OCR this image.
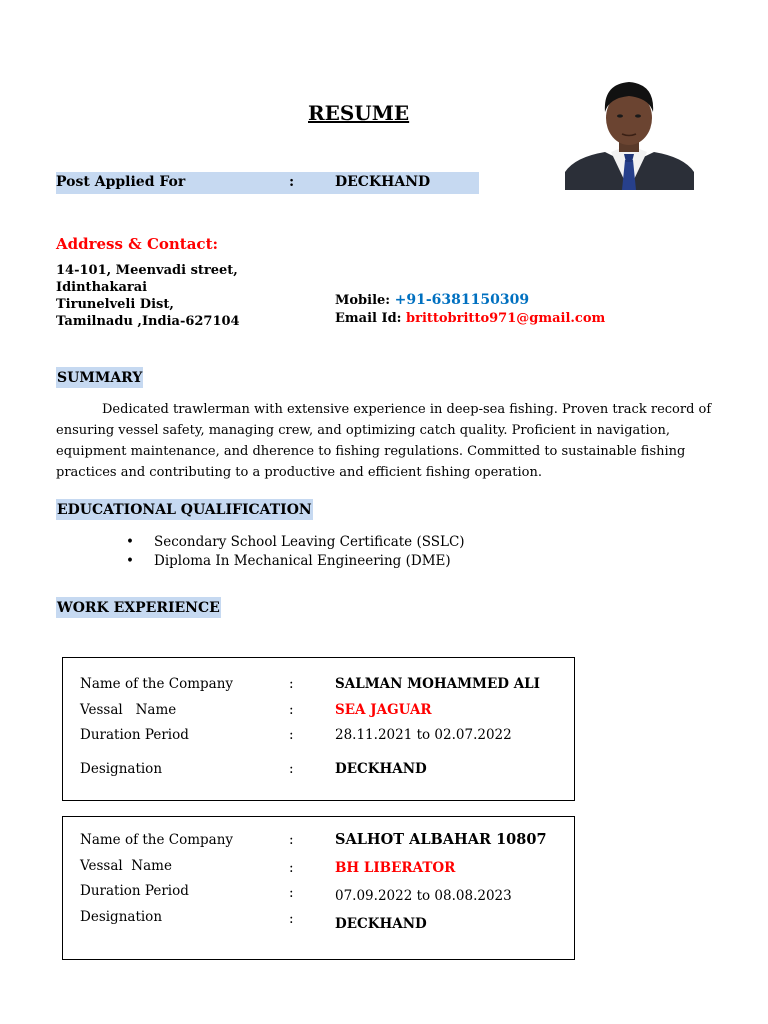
RESUME
Post Applied For	:	DECKHAND
Address & Contact:
14-101, Meenvadi street,
Idinthakarai
Tirunelveli Dist,
Tamilnadu ,India-627104
Mobile: +91-6381150309
Email Id: brittobritto971@gmail.com
SUMMARY
Dedicated trawlerman with extensive experience in deep-sea fishing. Proven track record of ensuring vessel safety, managing crew, and optimizing catch quality. Proficient in navigation, equipment maintenance, and dherence to fishing regulations. Committed to sustainable fishing practices and contributing to a productive and efficient fishing operation.
EDUCATIONAL QUALIFICATION
• Secondary School Leaving Certificate (SSLC)
• Diploma In Mechanical Engineering (DME)
WORK EXPERIENCE
Name of the Company	:	SALMAN MOHAMMED ALI
Vessal   Name	:	SEA JAGUAR
Duration Period	:	28.11.2021 to 02.07.2022
Designation	:	DECKHAND
Name of the Company	:	SALHOT ALBAHAR 10807
Vessal  Name	:	BH LIBERATOR
Duration Period	:	07.09.2022 to 08.08.2023
Designation	:	DECKHAND
